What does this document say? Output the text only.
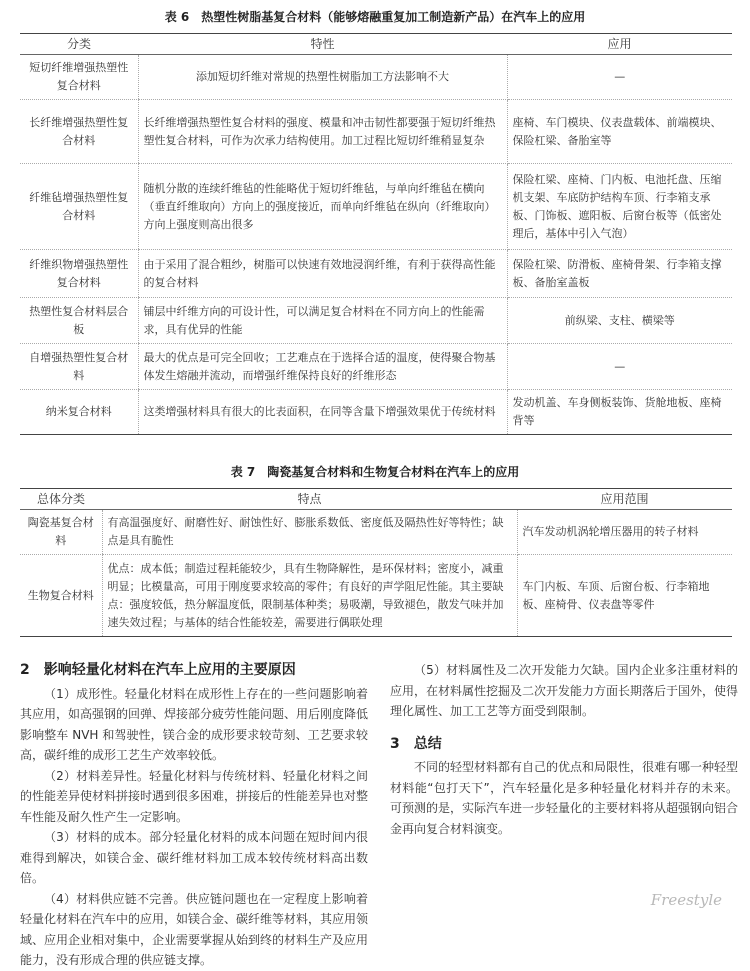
表 6　热塑性树脂基复合材料（能够熔融重复加工制造新产品）在汽车上的应用
分类	特性	应用
短切纤维增强热塑性复合材料	添加短切纤维对常规的热塑性树脂加工方法影响不大	—
长纤维增强热塑性复合材料	长纤维增强热塑性复合材料的强度、模量和冲击韧性都要强于短切纤维热塑性复合材料，可作为次承力结构使用。加工过程比短切纤维稍显复杂	座椅、车门模块、仪表盘载体、前端模块、保险杠梁、备胎室等
纤维毡增强热塑性复合材料	随机分散的连续纤维毡的性能略优于短切纤维毡，与单向纤维毡在横向（垂直纤维取向）方向上的强度接近，而单向纤维毡在纵向（纤维取向）方向上强度则高出很多	保险杠梁、座椅、门内板、电池托盘、压缩机支架、车底防护结构车顶、行李箱支承板、门饰板、遮阳板、后窗台板等（低密处理后，基体中引入气泡）
纤维织物增强热塑性复合材料	由于采用了混合粗纱，树脂可以快速有效地浸润纤维，有利于获得高性能的复合材料	保险杠梁、防滑板、座椅骨架、行李箱支撑板、备胎室盖板
热塑性复合材料层合板	铺层中纤维方向的可设计性，可以满足复合材料在不同方向上的性能需求，具有优异的性能	前纵梁、支柱、横梁等
自增强热塑性复合材料	最大的优点是可完全回收；工艺难点在于选择合适的温度，使得聚合物基体发生熔融并流动，而增强纤维保持良好的纤维形态	—
纳米复合材料	这类增强材料具有很大的比表面积，在同等含量下增强效果优于传统材料	发动机盖、车身侧板装饰、货舱地板、座椅背等
表 7　陶瓷基复合材料和生物复合材料在汽车上的应用
总体分类	特点	应用范围
陶瓷基复合材料	有高温强度好、耐磨性好、耐蚀性好、膨胀系数低、密度低及隔热性好等特性；缺点是具有脆性	汽车发动机涡轮增压器用的转子材料
生物复合材料	优点：成本低；制造过程耗能较少，具有生物降解性，是环保材料；密度小，减重明显；比模量高，可用于刚度要求较高的零件；有良好的声学阻尼性能。其主要缺点：强度较低，热分解温度低，限制基体种类；易吸潮，导致褪色，散发气味并加速失效过程；与基体的结合性能较差，需要进行偶联处理	车门内板、车顶、后窗台板、行李箱地板、座椅骨、仪表盘等零件
2　影响轻量化材料在汽车上应用的主要原因

（1）成形性。轻量化材料在成形性上存在的一些问题影响着其应用，如高强钢的回弹、焊接部分疲劳性能问题、用后刚度降低影响整车 NVH 和驾驶性，镁合金的成形要求较苛刻、工艺要求较高，碳纤维的成形工艺生产效率较低。

（2）材料差异性。轻量化材料与传统材料、轻量化材料之间的性能差异使材料拼接时遇到很多困难，拼接后的性能差异也对整车性能及耐久性产生一定影响。

（3）材料的成本。部分轻量化材料的成本问题在短时间内很难得到解决，如镁合金、碳纤维材料加工成本较传统材料高出数倍。

（4）材料供应链不完善。供应链问题也在一定程度上影响着轻量化材料在汽车中的应用，如镁合金、碳纤维等材料，其应用领域、应用企业相对集中，企业需要掌握从始到终的材料生产及应用能力，没有形成合理的供应链支撑。

（5）材料属性及二次开发能力欠缺。国内企业多注重材料的应用，在材料属性挖掘及二次开发能力方面长期落后于国外，使得理化属性、加工工艺等方面受到限制。

3　总结

不同的轻型材料都有自己的优点和局限性，很难有哪一种轻型材料能“包打天下”，汽车轻量化是多种轻量化材料并存的未来。可预测的是，实际汽车进一步轻量化的主要材料将从超强钢向铝合金再向复合材料演变。

Freestyle
